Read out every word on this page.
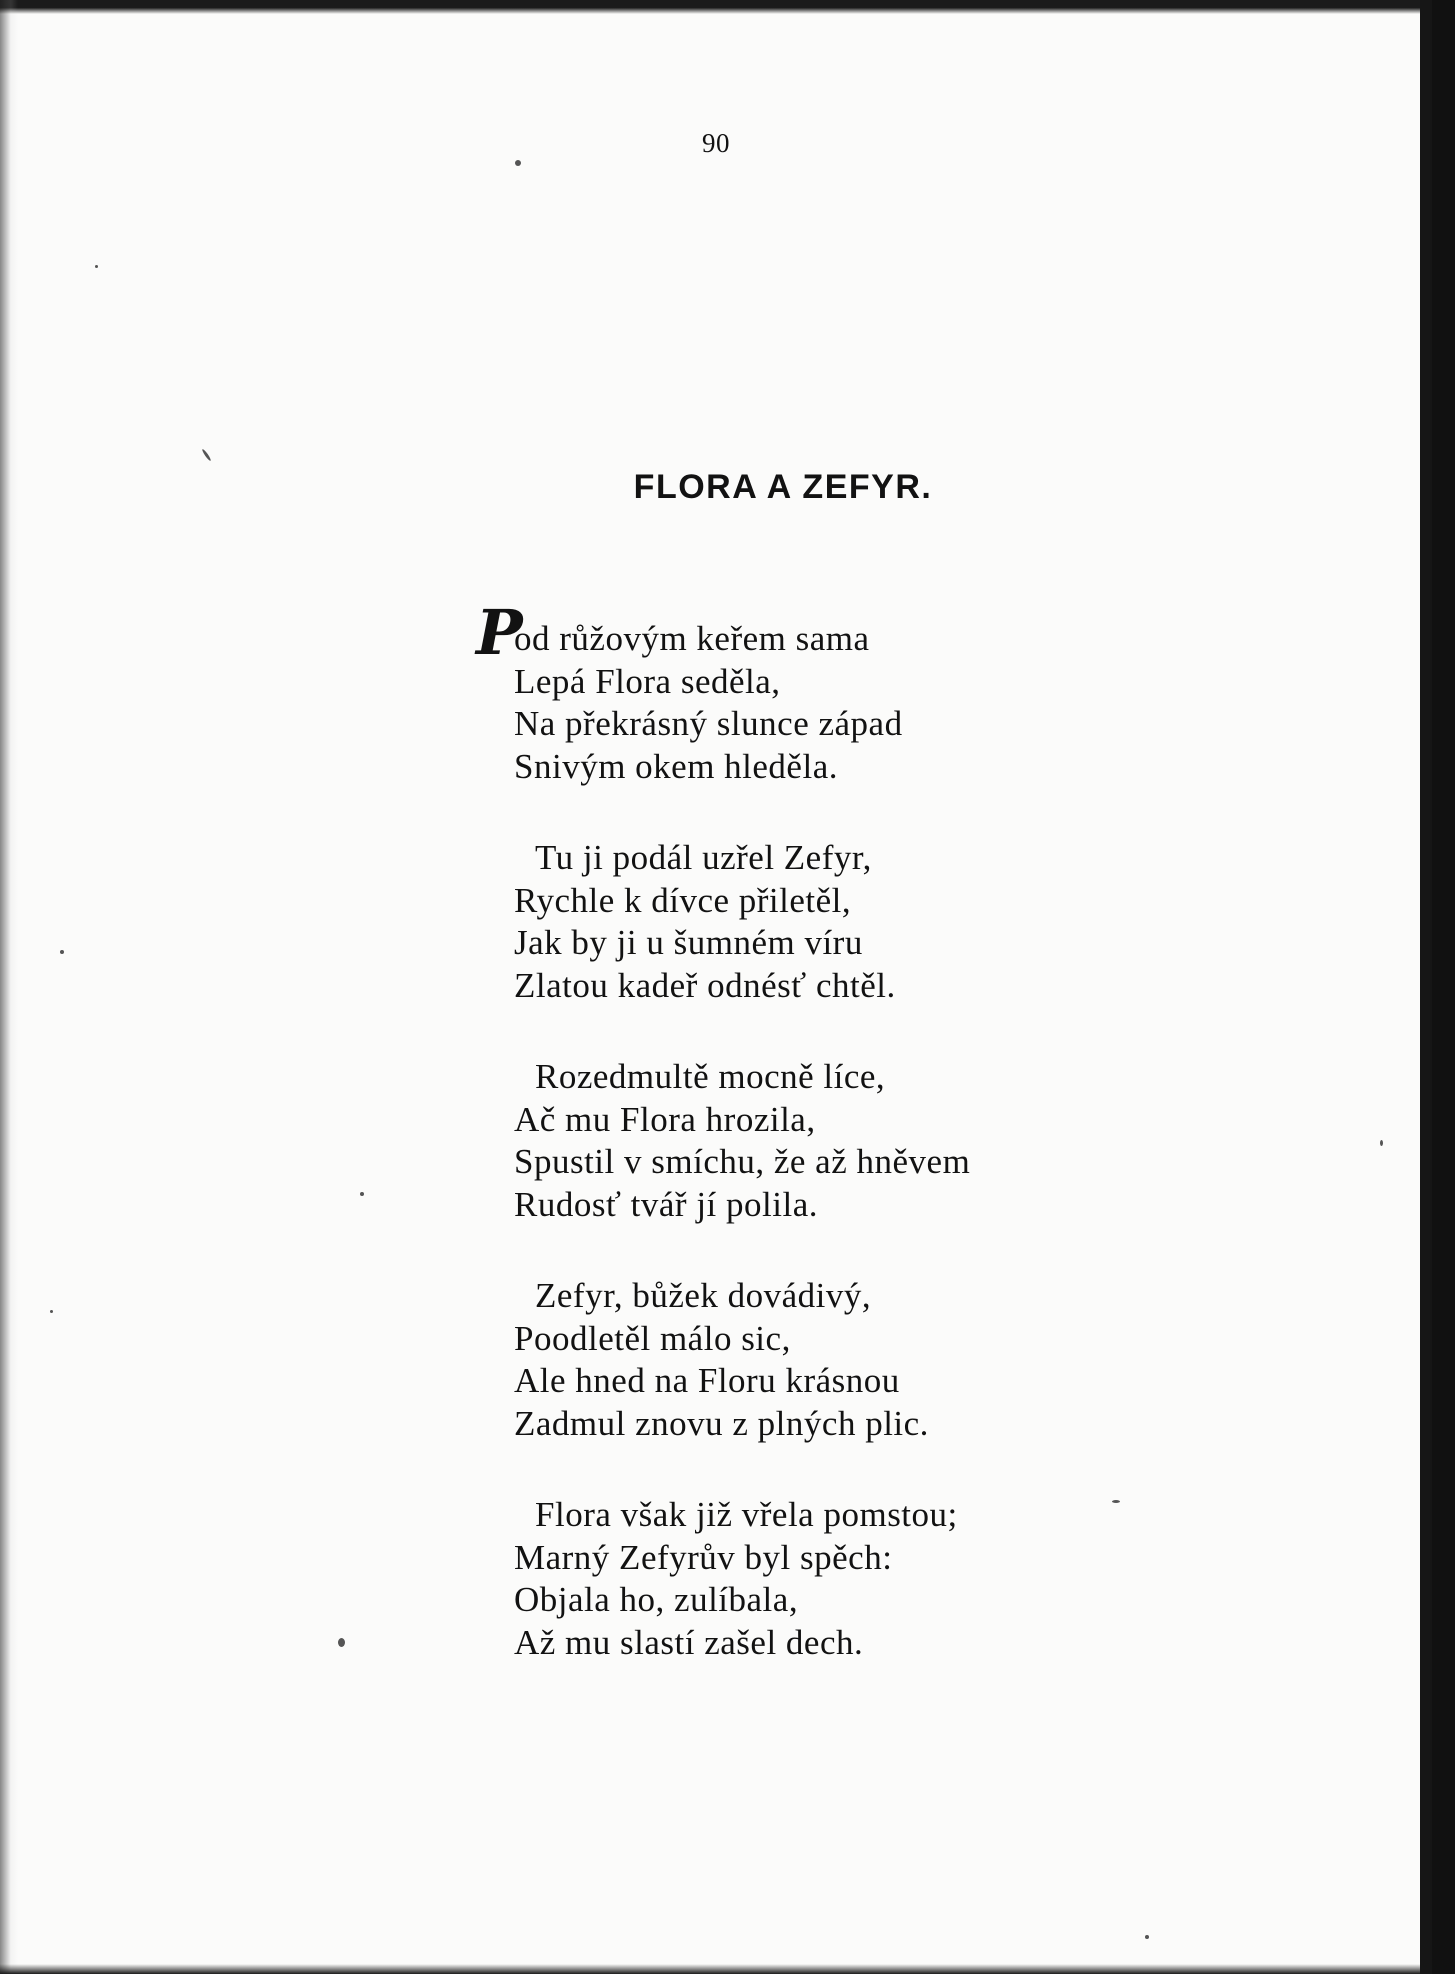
90
FLORA A ZEFYR.
P
od růžovým keřem sama
Lepá Flora seděla,
Na překrásný slunce západ
Snivým okem hleděla.
Tu ji podál uzřel Zefyr,
Rychle k dívce přiletěl,
Jak by ji u šumném víru
Zlatou kadeř odnésť chtěl.
Rozedmultě mocně líce,
Ač mu Flora hrozila,
Spustil v smíchu, že až hněvem
Rudosť tvář jí polila.
Zefyr, bůžek dovádivý,
Poodletěl málo sic,
Ale hned na Floru krásnou
Zadmul znovu z plných plic.
Flora však již vřela pomstou;
Marný Zefyrův byl spěch:
Objala ho, zulíbala,
Až mu slastí zašel dech.
